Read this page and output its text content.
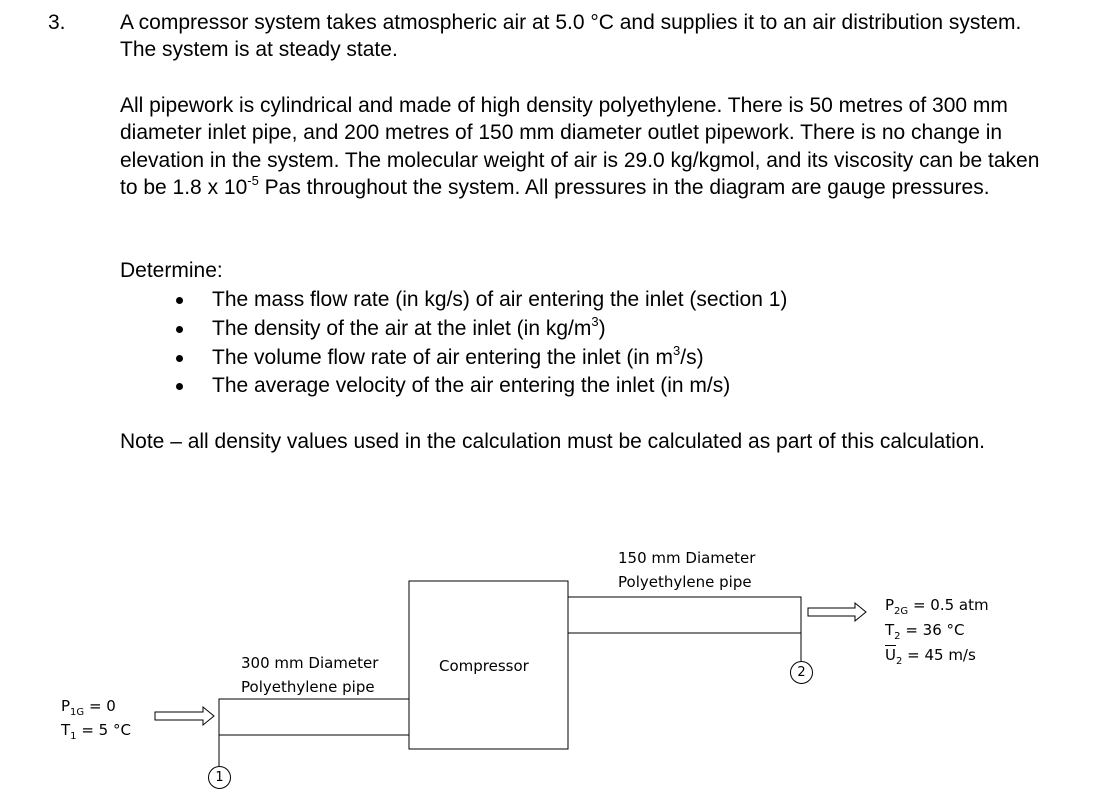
3.	A compressor system takes atmospheric air at 5.0 °C and supplies it to an air distribution system. The system is at steady state.
All pipework is cylindrical and made of high density polyethylene. There is 50 metres of 300 mm diameter inlet pipe, and 200 metres of 150 mm diameter outlet pipework. There is no change in elevation in the system. The molecular weight of air is 29.0 kg/kgmol, and its viscosity can be taken to be 1.8 x $10^{-5}$ Pas throughout the system. All pressures in the diagram are gauge pressures.
Determine:
The mass flow rate (in kg/s) of air entering the inlet (section 1)
The density of the air at the inlet (in $kg/m^3$)
The volume flow rate of air entering the inlet (in $m^3/s$)
The average velocity of the air entering the inlet (in m/s)
Note – all density values used in the calculation must be calculated as part of this calculation.
150 mm Diameter
Polyethylene pipe
300 mm Diameter
Polyethylene pipe
Compressor
$P_{1G} = 0$
$T_1 = 5$ °C
$P_{2G} = 0.5$ atm
$T_2 = 36$ °C
$\overline{U}_2 = 45$ m/s
1
2
